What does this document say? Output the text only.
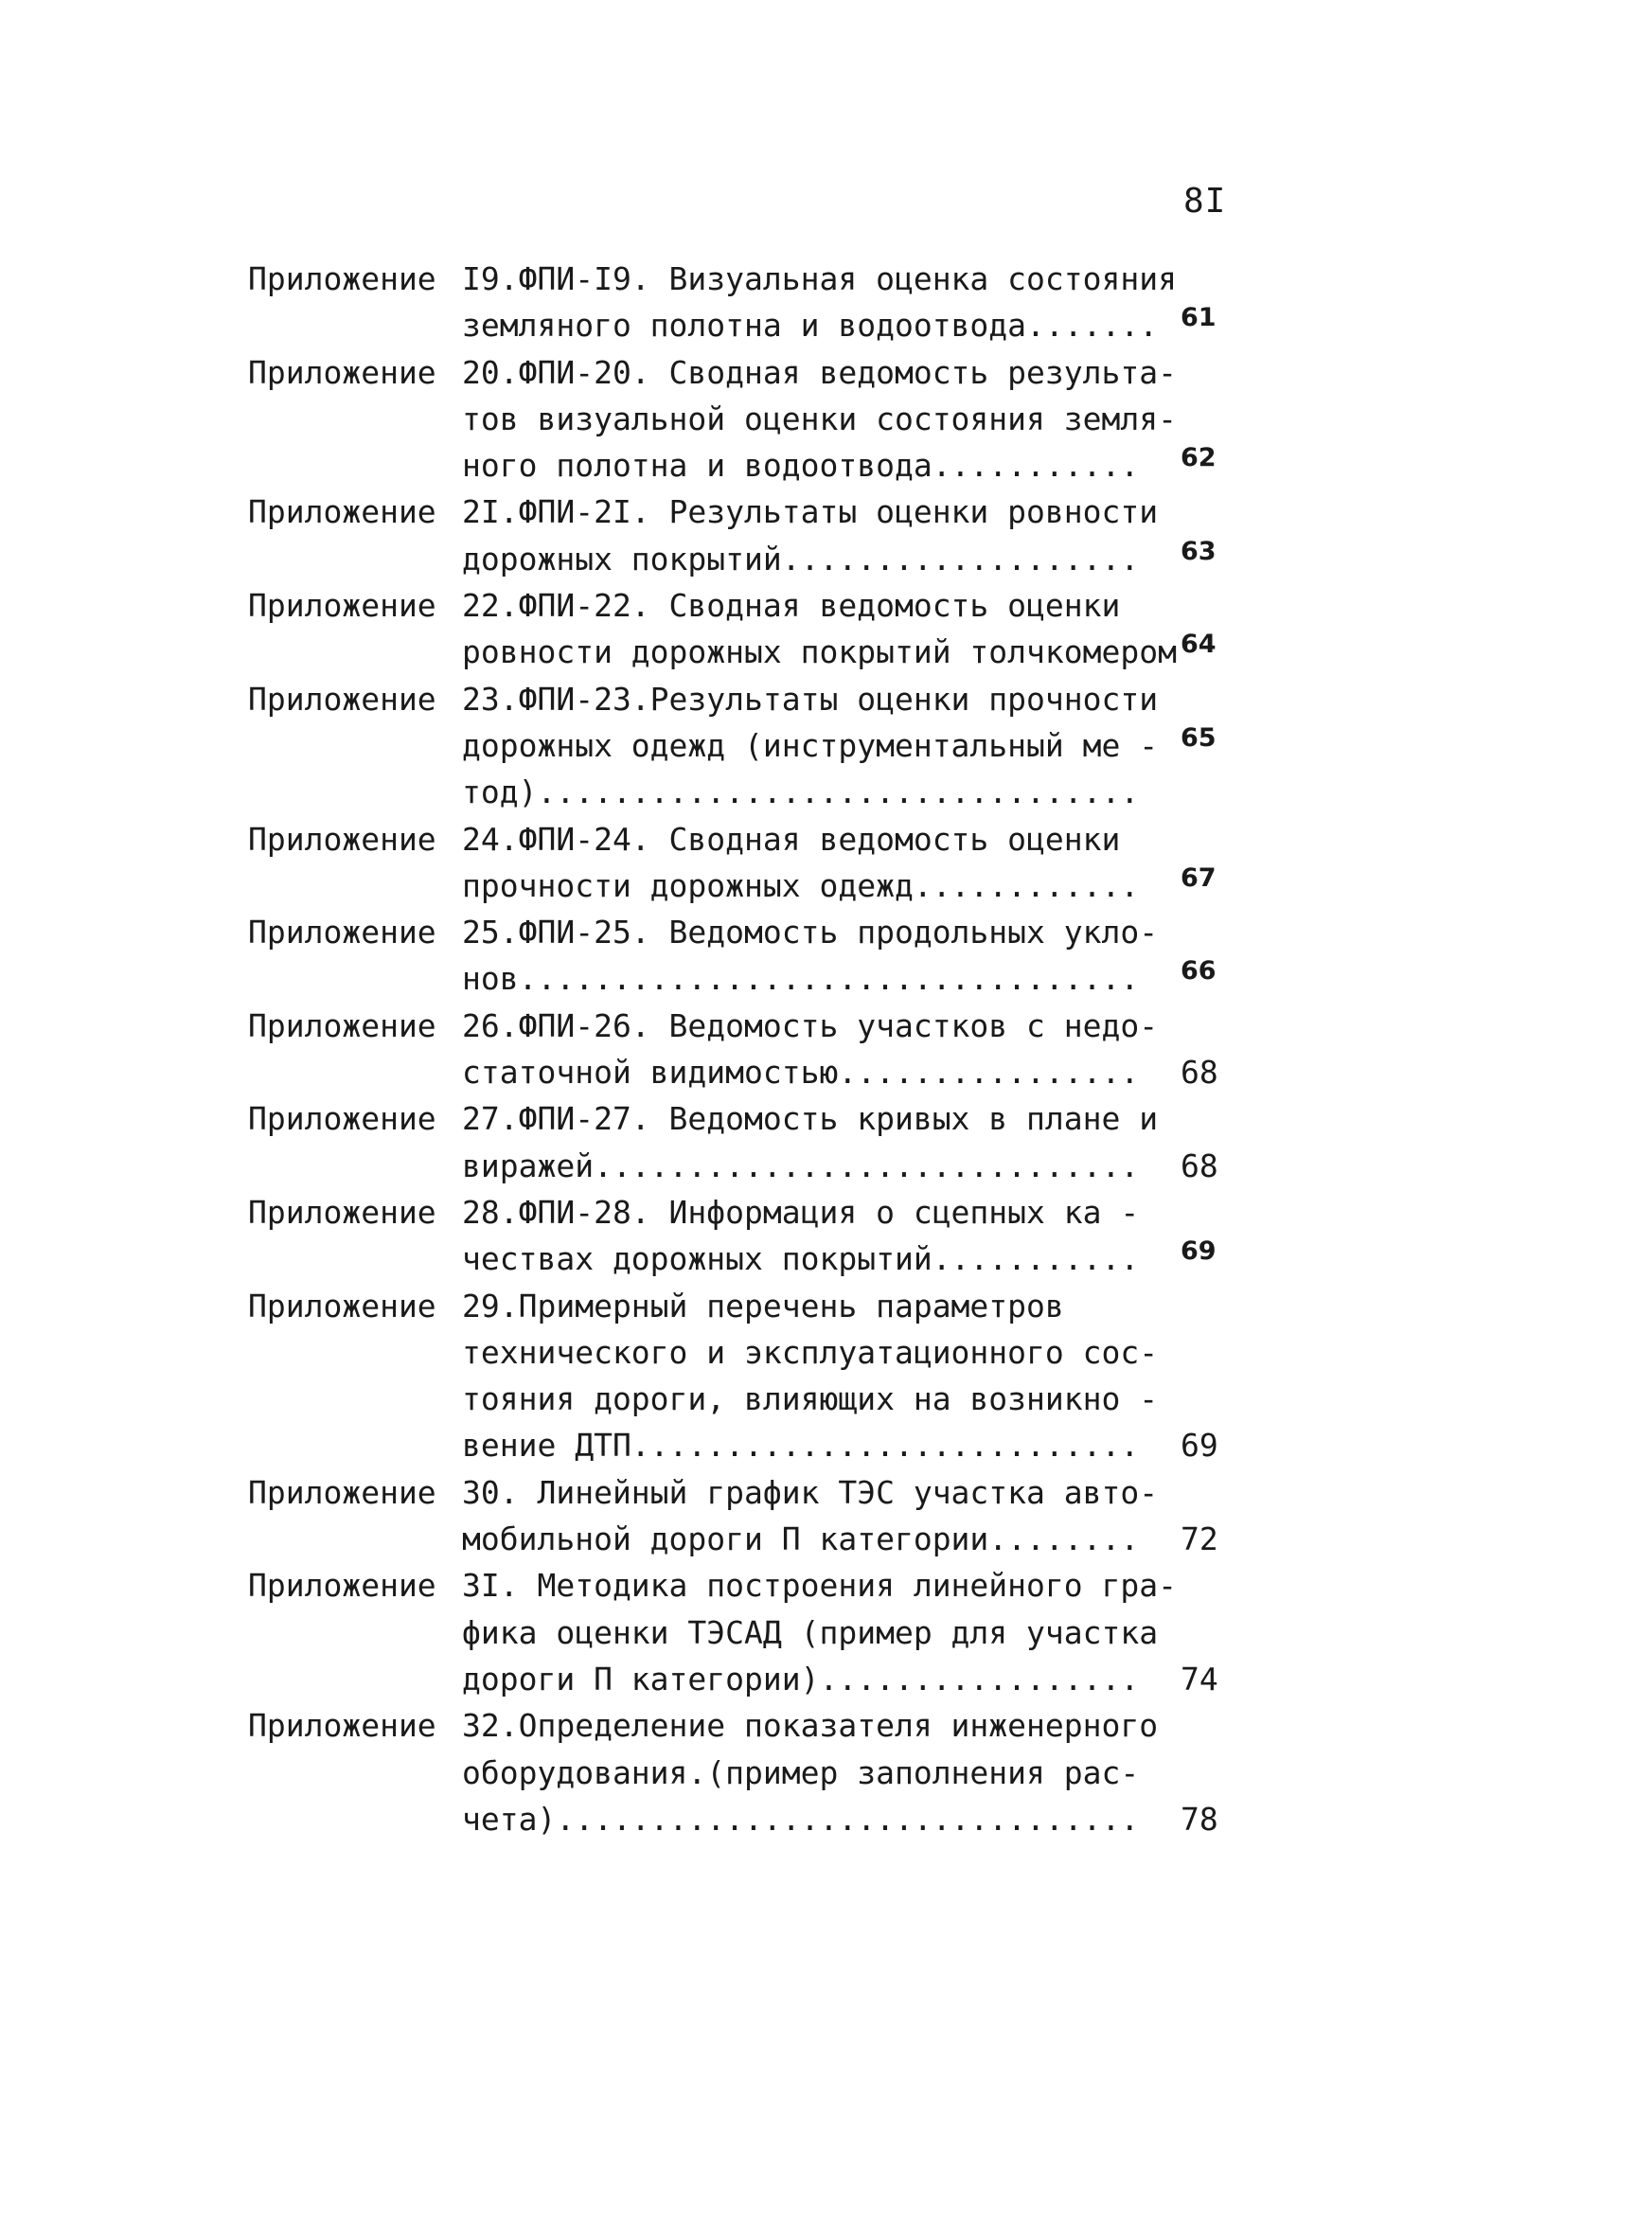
8I
Приложение I9.ФПИ-I9. Визуальная оценка состояния
земляного полотна и водоотвода....... 61
Приложение 20.ФПИ-20. Сводная ведомость результа-
тов визуальной оценки состояния земля-
ного полотна и водоотвода........... 62
Приложение 2I.ФПИ-2I. Результаты оценки ровности
дорожных покрытий................... 63
Приложение 22.ФПИ-22. Сводная ведомость оценки
ровности дорожных покрытий толчкомером 64
Приложение 23.ФПИ-23.Результаты оценки прочности
дорожных одежд (инструментальный ме - 65
тод)................................
Приложение 24.ФПИ-24. Сводная ведомость оценки
прочности дорожных одежд............ 67
Приложение 25.ФПИ-25. Ведомость продольных укло-
нов................................. 66
Приложение 26.ФПИ-26. Ведомость участков с недо-
статочной видимостью................ 68
Приложение 27.ФПИ-27. Ведомость кривых в плане и
виражей............................. 68
Приложение 28.ФПИ-28. Информация о сцепных ка -
чествах дорожных покрытий........... 69
Приложение 29.Примерный перечень параметров
технического и эксплуатационного сос-
тояния дороги, влияющих на возникно -
вение ДТП........................... 69
Приложение 30. Линейный график ТЭС участка авто-
мобильной дороги П категории........ 72
Приложение 3I. Методика построения линейного гра-
фика оценки ТЭСАД (пример для участка
дороги П категории)................. 74
Приложение 32.Определение показателя инженерного
оборудования.(пример заполнения рас-
чета)............................... 78
